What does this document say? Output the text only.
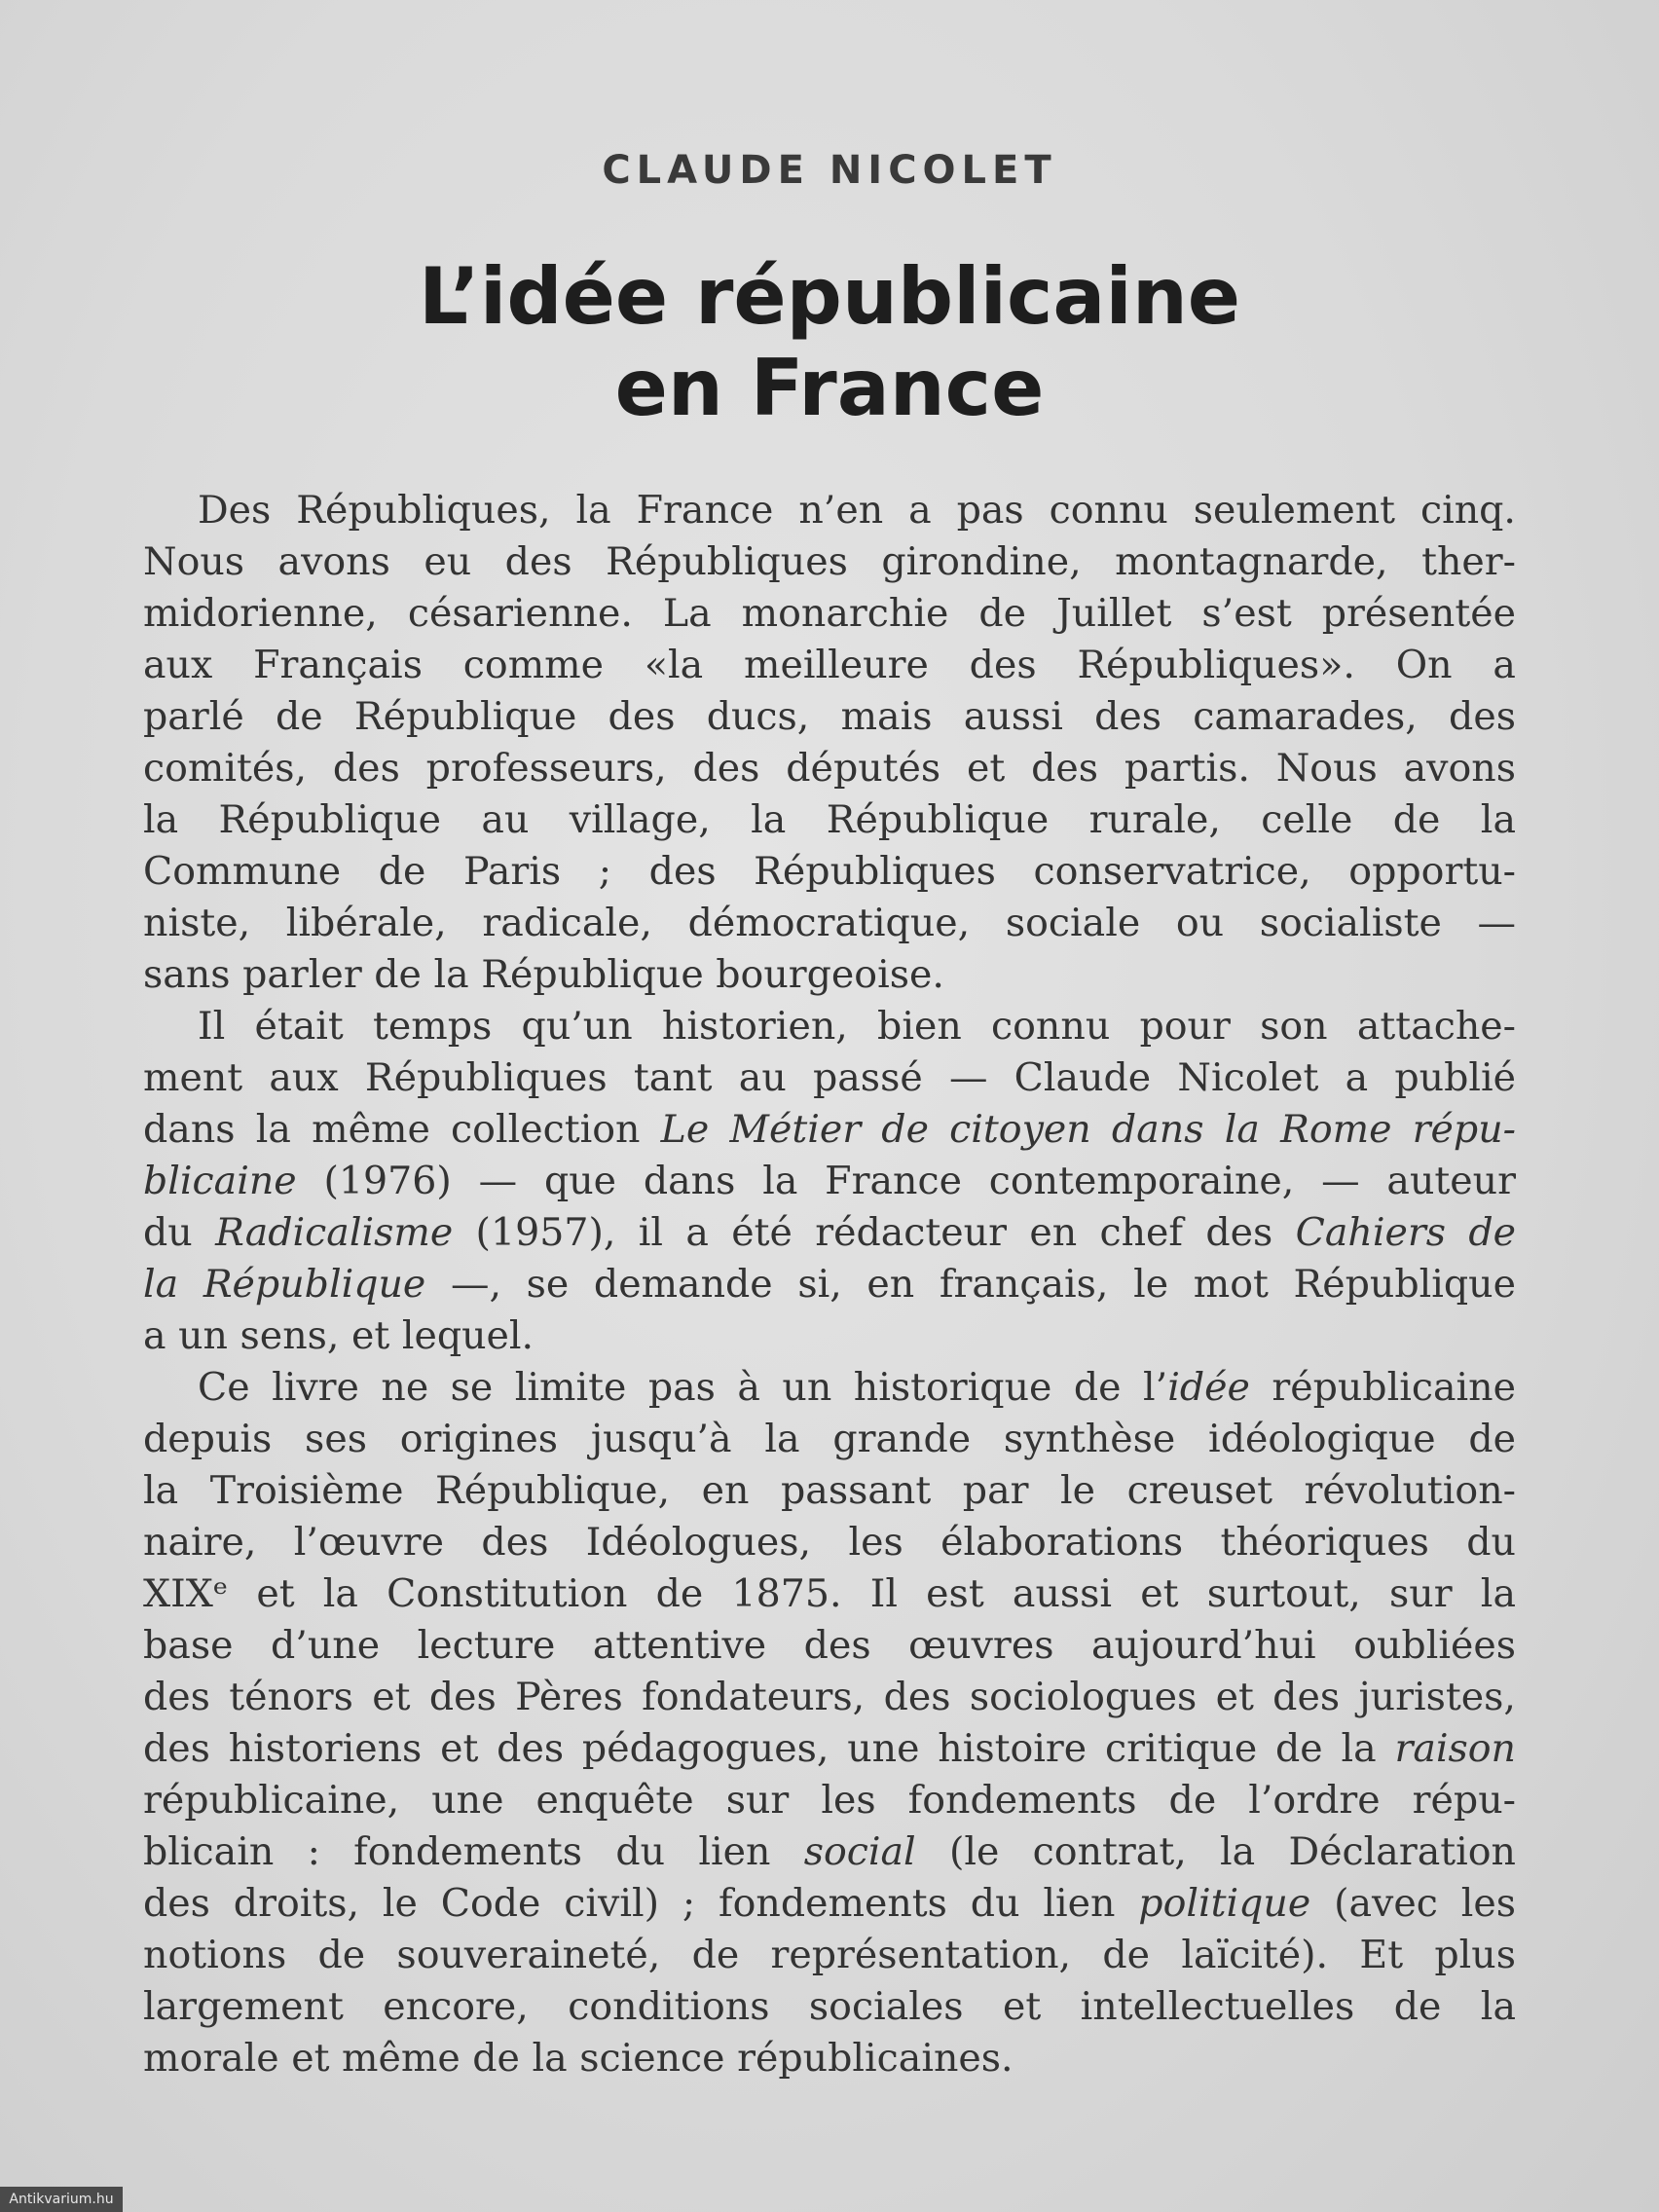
CLAUDE NICOLET
L’idée républicaine
en France
Des Républiques, la France n’en a pas connu seulement cinq.
Nous avons eu des Républiques girondine, montagnarde, ther-
midorienne, césarienne. La monarchie de Juillet s’est présentée
aux Français comme «la meilleure des Républiques». On a
parlé de République des ducs, mais aussi des camarades, des
comités, des professeurs, des députés et des partis. Nous avons
la République au village, la République rurale, celle de la
Commune de Paris ; des Républiques conservatrice, opportu-
niste, libérale, radicale, démocratique, sociale ou socialiste —
sans parler de la République bourgeoise.
Il était temps qu’un historien, bien connu pour son attache-
ment aux Républiques tant au passé — Claude Nicolet a publié
dans la même collection Le Métier de citoyen dans la Rome répu-
blicaine (1976) — que dans la France contemporaine, — auteur
du Radicalisme (1957), il a été rédacteur en chef des Cahiers de
la République —, se demande si, en français, le mot République
a un sens, et lequel.
Ce livre ne se limite pas à un historique de l’idée républicaine
depuis ses origines jusqu’à la grande synthèse idéologique de
la Troisième République, en passant par le creuset révolution-
naire, l’œuvre des Idéologues, les élaborations théoriques du
XIXᵉ et la Constitution de 1875. Il est aussi et surtout, sur la
base d’une lecture attentive des œuvres aujourd’hui oubliées
des ténors et des Pères fondateurs, des sociologues et des juristes,
des historiens et des pédagogues, une histoire critique de la raison
républicaine, une enquête sur les fondements de l’ordre répu-
blicain : fondements du lien social (le contrat, la Déclaration
des droits, le Code civil) ; fondements du lien politique (avec les
notions de souveraineté, de représentation, de laïcité). Et plus
largement encore, conditions sociales et intellectuelles de la
morale et même de la science républicaines.
Antikvarium.hu
